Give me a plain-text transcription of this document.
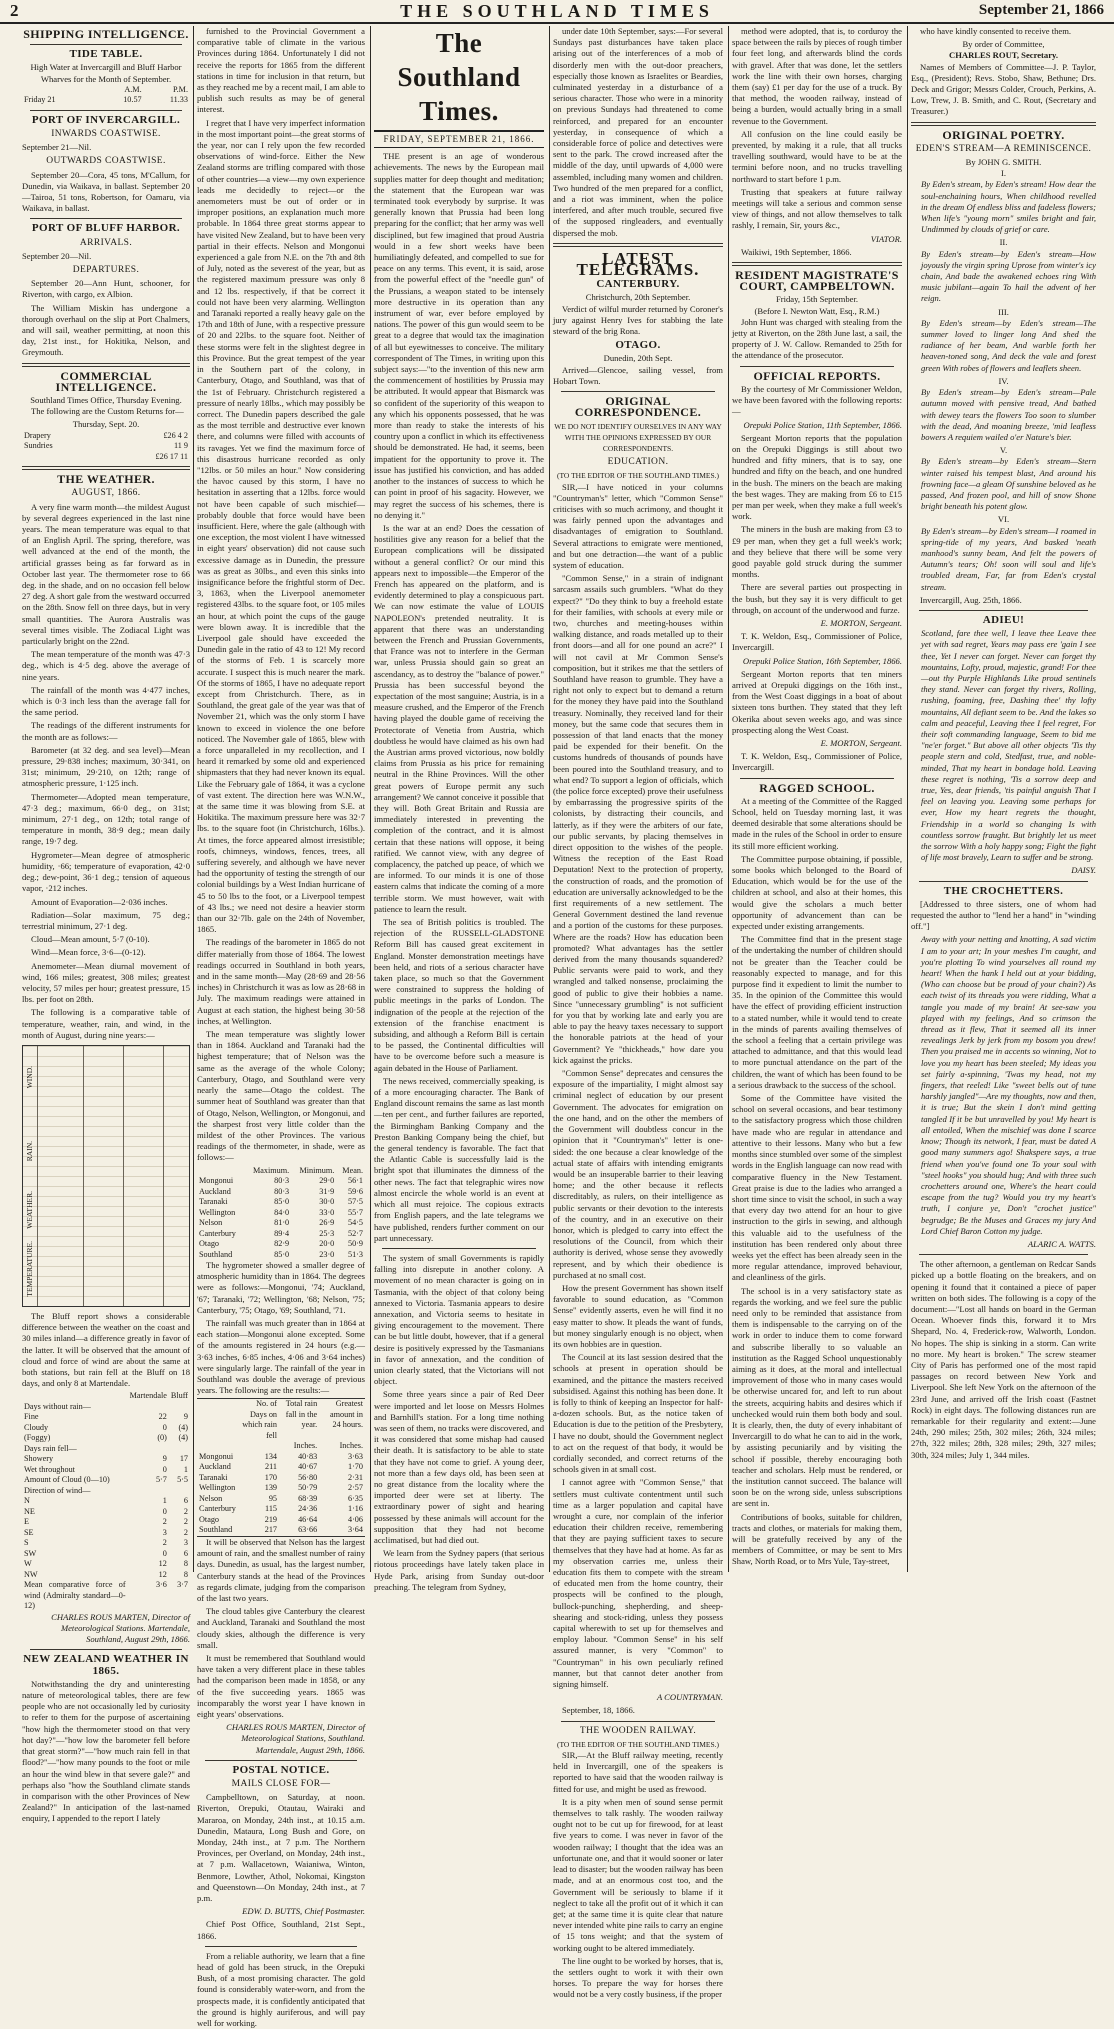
2	THE SOUTHLAND TIMES	September 21, 1866
SHIPPING INTELLIGENCE.
TIDE TABLE.
High Water at Invercargill and Bluff Harbor Wharves for the Month of September.
	A.M.	P.M.
Friday 21	10.57	11.33
PORT OF INVERCARGILL.
INWARDS COASTWISE.
September 21—Nil.
OUTWARDS COASTWISE.

September 20—Cora, 45 tons, M'Callum, for Dunedin, via Waikava, in ballast. September 20—Tairoa, 51 tons, Robertson, for Oamaru, via Waikava, in ballast.

PORT OF BLUFF HARBOR.
ARRIVALS.
September 20—Nil.
DEPARTURES.

September 20—Ann Hunt, schooner, for Riverton, with cargo, ex Albion.

The William Miskin has undergone a thorough overhaul on the slip at Port Chalmers, and will sail, weather permitting, at noon this day, 21st inst., for Hokitika, Nelson, and Greymouth.

COMMERCIAL INTELLIGENCE.
Southland Times Office, Thursday Evening.

The following are the Custom Returns for—

Thursday, Sept. 20.
Drapery	£26 4 2
Sundries	11 9
	£26 17 11
THE WEATHER.
AUGUST, 1866.

A very fine warm month—the mildest August by several degrees experienced in the last nine years. The mean temperature was equal to that of an English April. The spring, therefore, was well advanced at the end of the month, the artificial grasses being as far forward as in October last year. The thermometer rose to 66 deg. in the shade, and on no occasion fell below 27 deg. A short gale from the westward occurred on the 28th. Snow fell on three days, but in very small quantities. The Aurora Australis was several times visible. The Zodiacal Light was particularly bright on the 22nd.

The mean temperature of the month was 47·3 deg., which is 4·5 deg. above the average of nine years.

The rainfall of the month was 4·477 inches, which is 0·3 inch less than the average fall for the same period.

The readings of the different instruments for the month are as follows:—

Barometer (at 32 deg. and sea level)—Mean pressure, 29·838 inches; maximum, 30·341, on 31st; minimum, 29·210, on 12th; range of atmospheric pressure, 1·125 inch.

Thermometer—Adopted mean temperature, 47·3 deg.; maximum, 66·0 deg., on 31st; minimum, 27·1 deg., on 12th; total range of temperature in month, 38·9 deg.; mean daily range, 19·7 deg.

Hygrometer—Mean degree of atmospheric humidity, ·66; temperature of evaporation, 42·0 deg.; dew-point, 36·1 deg.; tension of aqueous vapor, ·212 inches.

Amount of Evaporation—2·036 inches.

Radiation—Solar maximum, 75 deg.; terrestrial minimum, 27·1 deg.

Cloud—Mean amount, 5·7 (0-10).

Wind—Mean force, 3·6—(0-12).

Anemometer—Mean diurnal movement of wind, 166 miles; greatest, 308 miles; greatest velocity, 57 miles per hour; greatest pressure, 15 lbs. per foot on 28th.

The following is a comparative table of temperature, weather, rain, and wind, in the month of August, during nine years:—

WIND.
RAIN.
WEATHER.
TEMPERATURE.

The Bluff report shows a considerable difference between the weather on the coast and 30 miles inland—a difference greatly in favor of the latter. It will be observed that the amount of cloud and force of wind are about the same at both stations, but rain fell at the Bluff on 18 days, and only 8 at Martendale.

	Martendale	Bluff
Days without rain—		
Fine	22	9
Cloudy	0	(4)
(Foggy)	(0)	(4)
Days rain fell—		
Showery	9	17
Wet throughout	0	1
Amount of Cloud (0—10)	5·7	5·5
Direction of wind—		
N	1	6
NE	0	2
E	2	2
SE	3	2
S	2	3
SW	0	6
W	12	8
NW	12	8
Mean comparative force of wind (Admiralty standard—0-12)	3·6	3·7

CHARLES ROUS MARTEN, Director of Meteorological Stations. Martendale, Southland, August 29th, 1866.

NEW ZEALAND WEATHER IN 1865.

Notwithstanding the dry and uninteresting nature of meteorological tables, there are few people who are not occasionally led by curiosity to refer to them for the purpose of ascertaining "how high the thermometer stood on that very hot day?"—"how low the barometer fell before that great storm?"—"how much rain fell in that flood?"—"how many pounds to the foot or mile an hour the wind blew in that severe gale?" and perhaps also "how the Southland climate stands in comparison with the other Provinces of New Zealand?" In anticipation of the last-named enquiry, I appended to the report I lately

furnished to the Provincial Government a comparative table of climate in the various Provinces during 1864. Unfortunately I did not receive the reports for 1865 from the different stations in time for inclusion in that return, but as they reached me by a recent mail, I am able to publish such results as may be of general interest.

I regret that I have very imperfect information in the most important point—the great storms of the year, nor can I rely upon the few recorded observations of wind-force. Either the New Zealand storms are trifling compared with those of other countries—a view—my own experience leads me decidedly to reject—or the anemometers must be out of order or in improper positions, an explanation much more probable. In 1864 three great storms appear to have visited New Zealand, but to have been very partial in their effects. Nelson and Mongonui experienced a gale from N.E. on the 7th and 8th of July, noted as the severest of the year, but as the registered maximum pressure was only 8 and 12 lbs. respectively, if that be correct it could not have been very alarming. Wellington and Taranaki reported a really heavy gale on the 17th and 18th of June, with a respective pressure of 20 and 22lbs. to the square foot. Neither of these storms were felt in the slightest degree in this Province. But the great tempest of the year in the Southern part of the colony, in Canterbury, Otago, and Southland, was that of the 1st of February. Christchurch registered a pressure of nearly 18lbs., which may possibly be correct. The Dunedin papers described the gale as the most terrible and destructive ever known there, and columns were filled with accounts of its ravages. Yet we find the maximum force of this disastrous hurricane recorded as only "12lbs. or 50 miles an hour." Now considering the havoc caused by this storm, I have no hesitation in asserting that a 12lbs. force would not have been capable of such mischief—probably double that force would have been insufficient. Here, where the gale (although with one exception, the most violent I have witnessed in eight years' observation) did not cause such excessive damage as in Dunedin, the pressure was as great as 30lbs., and even this sinks into insignificance before the frightful storm of Dec. 3, 1863, when the Liverpool anemometer registered 43lbs. to the square foot, or 105 miles an hour, at which point the cups of the gauge were blown away. It is incredible that the Liverpool gale should have exceeded the Dunedin gale in the ratio of 43 to 12! My record of the storms of Feb. 1 is scarcely more accurate. I suspect this is much nearer the mark. Of the storms of 1865, I have no adequate report except from Christchurch. There, as in Southland, the great gale of the year was that of November 21, which was the only storm I have known to exceed in violence the one before noticed. The November gale of 1865, blew with a force unparalleled in my recollection, and I heard it remarked by some old and experienced shipmasters that they had never known its equal. Like the February gale of 1864, it was a cyclone of vast extent. The direction here was W.N.W., at the same time it was blowing from S.E. at Hokitika. The maximum pressure here was 32·7 lbs. to the square foot (in Christchurch, 16lbs.). At times, the force appeared almost irresistible; roofs, chimneys, windows, fences, trees, all suffering severely, and although we have never had the opportunity of testing the strength of our colonial buildings by a West Indian hurricane of 45 to 50 lbs to the foot, or a Liverpool tempest of 43 lbs.; we need not desire a heavier storm than our 32·7lb. gale on the 24th of November, 1865.

The readings of the barometer in 1865 do not differ materially from those of 1864. The lowest readings occurred in Southland in both years, and in the same month—May (28·69 and 28·56 inches) in Christchurch it was as low as 28·68 in July. The maximum readings were attained in August at each station, the highest being 30·58 inches, at Wellington.

The mean temperature was slightly lower than in 1864. Auckland and Taranaki had the highest temperature; that of Nelson was the same as the average of the whole Colony; Canterbury, Otago, and Southland were very nearly the same—Otago the coldest. The summer heat of Southland was greater than that of Otago, Nelson, Wellington, or Mongonui, and the sharpest frost very little colder than the mildest of the other Provinces. The various readings of the thermometer, in shade, were as follows:—

	Maximum.	Minimum.	Mean.
Mongonui	80·3	29·0	56·1
Auckland	80·3	31·9	59·6
Taranaki	85·0	30·0	57·5
Wellington	84·0	33·0	55·7
Nelson	81·0	26·9	54·5
Canterbury	89·4	25·3	52·7
Otago	82·9	20·0	50·9
Southland	85·0	23·0	51·3

The hygrometer showed a smaller degree of atmospheric humidity than in 1864. The degrees were as follows:—Mongonui, '74; Auckland, '67; Taranaki, '72; Wellington, '68; Nelson, '75; Canterbury, '75; Otago, '69; Southland, '71.

The rainfall was much greater than in 1864 at each station—Mongonui alone excepted. Some of the amounts registered in 24 hours (e.g.—3·63 inches, 6·85 inches, 4·06 and 3·64 inches) were singularly large. The rainfall of the year in Southland was double the average of previous years. The following are the results:—

	No. of Days on which rain fell	Total rain fall in the year.	Greatest amount in 24 hours.
		Inches.	Inches.
Mongonui	134	40·83	3·63
Auckland	211	40·67	1·70
Taranaki	170	56·80	2·31
Wellington	139	50·79	2·57
Nelson	95	68·39	6·35
Canterbury	115	24·36	1·16
Otago	219	46·64	4·06
Southland	217	63·66	3·64

It will be observed that Nelson has the largest amount of rain, and the smallest number of rainy days. Dunedin, as usual, has the largest number, Canterbury stands at the head of the Provinces as regards climate, judging from the comparison of the last two years.

The cloud tables give Canterbury the clearest and Auckland, Taranaki and Southland the most cloudy skies, although the difference is very small.

It must be remembered that Southland would have taken a very different place in these tables had the comparison been made in 1858, or any of the five succeeding years. 1865 was incomparably the worst year I have known in eight years' observations.

CHARLES ROUS MARTEN, Director of Meteorological Stations, Southland. Martendale, August 29th, 1866.

POSTAL NOTICE.
MAILS CLOSE FOR—

Campbelltown, on Saturday, at noon. Riverton, Orepuki, Otautau, Wairaki and Mararoa, on Monday, 24th inst., at 10.15 a.m. Dunedin, Mataura, Long Bush and Gore, on Monday, 24th inst., at 7 p.m. The Northern Provinces, per Overland, on Monday, 24th inst., at 7 p.m. Wallacetown, Waianiwa, Winton, Benmore, Lowther, Athol, Nokomai, Kingston and Queenstown—On Monday, 24th inst., at 7 p.m.

EDW. D. BUTTS, Chief Postmaster.

Chief Post Office, Southland, 21st Sept., 1866.

From a reliable authority, we learn that a fine head of gold has been struck, in the Orepuki Bush, of a most promising character. The gold found is considerably water-worn, and from the prospects made, it is confidently anticipated that the ground is highly auriferous, and will pay well for working.

The Southland Times.
FRIDAY, SEPTEMBER 21, 1866.

THE present is an age of wonderous achievements. The news by the European mail supplies matter for deep thought and meditation; the statement that the European war was terminated took everybody by surprise. It was generally known that Prussia had been long preparing for the conflict; that her army was well disciplined, but few imagined that proud Austria would in a few short weeks have been humiliatingly defeated, and compelled to sue for peace on any terms. This event, it is said, arose from the powerful effect of the "needle gun" of the Prussians, a weapon stated to be intensely more destructive in its operation than any instrument of war, ever before employed by nations. The power of this gun would seem to be great to a degree that would tax the imagination of all but eyewitnesses to conceive. The military correspondent of The Times, in writing upon this subject says:—"to the invention of this new arm the commencement of hostilities by Prussia may be attributed. It would appear that Bismarck was so confident of the superiority of this weapon to any which his opponents possessed, that he was more than ready to stake the interests of his country upon a conflict in which its effectiveness should be demonstrated. He had, it seems, been impatient for the opportunity to prove it. The issue has justified his conviction, and has added another to the instances of success to which he can point in proof of his sagacity. However, we may regret the success of his schemes, there is no denying it."

Is the war at an end? Does the cessation of hostilities give any reason for a belief that the European complications will be dissipated without a general conflict? Or our mind this appears next to impossible—the Emperor of the French has appeared on the platform, and is evidently determined to play a conspicuous part. We can now estimate the value of LOUIS NAPOLEON's pretended neutrality. It is apparent that there was an understanding between the French and Prussian Governments, that France was not to interfere in the German war, unless Prussia should gain so great an ascendancy, as to destroy the "balance of power." Prussia has been successful beyond the expectation of the most sanguine; Austria, is in a measure crushed, and the Emperor of the French having played the double game of receiving the Protectorate of Venetia from Austria, which doubtless he would have claimed as his own had the Austrian arms proved victorious, now boldly claims from Prussia as his price for remaining neutral in the Rhine Provinces. Will the other great powers of Europe permit any such arrangement? We cannot conceive it possible that they will. Both Great Britain and Russia are immediately interested in preventing the completion of the contract, and it is almost certain that these nations will oppose, it being ratified. We cannot view, with any degree of complacency, the patched up peace, of which we are informed. To our minds it is one of those eastern calms that indicate the coming of a more terrible storm. We must however, wait with patience to learn the result.

The sea of British politics is troubled. The rejection of the RUSSELL-GLADSTONE Reform Bill has caused great excitement in England. Monster demonstration meetings have been held, and riots of a serious character have taken place, so much so that the Government were constrained to suppress the holding of public meetings in the parks of London. The indignation of the people at the rejection of the extension of the franchise enactment is subsiding, and although a Reform Bill is certain to be passed, the Continental difficulties will have to be overcome before such a measure is again debated in the House of Parliament.

The news received, commercially speaking, is of a more encouraging character. The Bank of England discount remains the same as last month—ten per cent., and further failures are reported, the Birmingham Banking Company and the Preston Banking Company being the chief, but the general tendency is favorable. The fact that the Atlantic Cable is successfully laid is the bright spot that illuminates the dimness of the other news. The fact that telegraphic wires now almost encircle the whole world is an event at which all must rejoice. The copious extracts from English papers, and the late telegrams we have published, renders further comment on our part unnecessary.

The system of small Governments is rapidly falling into disrepute in another colony. A movement of no mean character is going on in Tasmania, with the object of that colony being annexed to Victoria. Tasmania appears to desire annexation, and Victoria seems to hesitate in giving encouragement to the movement. There can be but little doubt, however, that if a general desire is positively expressed by the Tasmanians in favor of annexation, and the condition of union clearly stated, that the Victorians will not object.

Some three years since a pair of Red Deer were imported and let loose on Messrs Holmes and Barnhill's station. For a long time nothing was seen of them, no tracks were discovered, and it was considered that some mishap had caused their death. It is satisfactory to be able to state that they have not come to grief. A young deer, not more than a few days old, has been seen at no great distance from the locality where the imported deer were set at liberty. The extraordinary power of sight and hearing possessed by these animals will account for the supposition that they had not become acclimatised, but had died out.

We learn from the Sydney papers (that serious riotous proceedings have lately taken place in Hyde Park, arising from Sunday out-door preaching. The telegram from Sydney,

under date 10th September, says:—For several Sundays past disturbances have taken place arising out of the interferences of a mob of disorderly men with the out-door preachers, especially those known as Israelites or Beardies, culminated yesterday in a disturbance of a serious character. Those who were in a minority on previous Sundays had threatened to come reinforced, and prepared for an encounter yesterday, in consequence of which a considerable force of police and detectives were sent to the park. The crowd increased after the middle of the day, until upwards of 4,000 were assembled, including many women and children. Two hundred of the men prepared for a conflict, and a riot was imminent, when the police interfered, and after much trouble, secured five of the supposed ringleaders, and eventually dispersed the mob.

LATEST TELEGRAMS.
CANTERBURY.
Christchurch, 20th September.

Verdict of wilful murder returned by Coroner's jury against Henry Ives for stabbing the late steward of the brig Rona.

OTAGO.
Dunedin, 20th Sept.

Arrived—Glencoe, sailing vessel, from Hobart Town.

ORIGINAL CORRESPONDENCE.
WE DO NOT IDENTIFY OURSELVES IN ANY WAY WITH THE OPINIONS EXPRESSED BY OUR CORRESPONDENTS.
EDUCATION.
(TO THE EDITOR OF THE SOUTHLAND TIMES.)

SIR,—I have noticed in your columns "Countryman's" letter, which "Common Sense" criticises with so much acrimony, and thought it was fairly penned upon the advantages and disadvantages of emigration to Southland. Several attractions to emigrate were mentioned, and but one detraction—the want of a public system of education.

"Common Sense," in a strain of indignant sarcasm assails such grumblers. "What do they expect?" "Do they think to buy a freehold estate for their families, with schools at every mile or two, churches and meeting-houses within walking distance, and roads metalled up to their front doors—and all for one pound an acre?" I will not cavil at Mr Common Sense's composition, but it strikes me that the settlers of Southland have reason to grumble. They have a right not only to expect but to demand a return for the money they have paid into the Southland treasury. Nominally, they received land for their money, but the same code that secures them in possession of that land enacts that the money paid be expended for their benefit. On the customs hundreds of thousands of pounds have been poured into the Southland treasury, and to what end? To support a legion of officials, which (the police force excepted) prove their usefulness by embarrassing the progressive spirits of the colonists, by distracting their councils, and latterly, as if they were the arbiters of our fate, our public servants, by placing themselves in direct opposition to the wishes of the people. Witness the reception of the East Road Deputation! Next to the protection of property, the construction of roads, and the promotion of education are universally acknowledged to be the first requirements of a new settlement. The General Government destined the land revenue and a portion of the customs for these purposes. Where are the roads? How has education been promoted? What advantages has the settler derived from the many thousands squandered? Public servants were paid to work, and they wrangled and talked nonsense, proclaiming the good of public to give their hobbies a name. Since "unnecessary grumbling" is not sufficient for you that by working late and early you are able to pay the heavy taxes necessary to support the honorable patriots at the head of your Government? Ye "thickheads," how dare you kick against the pricks.

"Common Sense" deprecates and censures the exposure of the impartiality, I might almost say criminal neglect of education by our present Government. The advocates for emigration on the one hand, and on the other the members of the Government will doubtless concur in the opinion that it "Countryman's" letter is one-sided: the one because a clear knowledge of the actual state of affairs with intending emigrants would be an insuperable barrier to their leaving home; and the other because it reflects discreditably, as rulers, on their intelligence as public servants or their devotion to the interests of the country, and in an executive on their honor, which is pledged to carry into effect the resolutions of the Council, from which their authority is derived, whose sense they avowedly represent, and by which their obedience is purchased at no small cost.

How the present Government has shown itself favorable to sound education, as "Common Sense" evidently asserts, even he will find it no easy matter to show. It pleads the want of funds, but money singularly enough is no object, when its own hobbies are in question.

The Council at its last session desired that the schools at present in operation should be examined, and the pittance the masters received subsidised. Against this nothing has been done. It is folly to think of keeping an Inspector for half-a-dozen schools. But, as the notice taken of Education is due to the petition of the Presbytery, I have no doubt, should the Government neglect to act on the request of that body, it would be cordially seconded, and correct returns of the schools given in at small cost.

I cannot agree with "Common Sense," that settlers must cultivate contentment until such time as a larger population and capital have wrought a cure, nor complain of the inferior education their children receive, remembering that they are paying sufficient taxes to secure themselves that they have had at home. As far as my observation carries me, unless their education fits them to compete with the stream of educated men from the home country, their prospects will be confined to the plough, bullock-punching, shepherding, and sheep-shearing and stock-riding, unless they possess capital wherewith to set up for themselves and employ labour. "Common Sense" in his self assured manner, is very "Common" to "Countryman" in his own peculiarly refined manner, but that cannot deter another from signing himself.

A COUNTRYMAN.

September, 18, 1866.

THE WOODEN RAILWAY.
(TO THE EDITOR OF THE SOUTHLAND TIMES.)

SIR,—At the Bluff railway meeting, recently held in Invercargill, one of the speakers is reported to have said that the wooden railway is fitted for use, and might be used as frewood.

It is a pity when men of sound sense permit themselves to talk rashly. The wooden railway ought not to be cut up for firewood, for at least five years to come. I was never in favor of the wooden railway; I thought that the idea was an unfortunate one, and that it would sooner or later lead to disaster; but the wooden railway has been made, and at an enormous cost too, and the Government will be seriously to blame if it neglect to take all the profit out of it which it can get; at the same time it is quite clear that nature never intended white pine rails to carry an engine of 15 tons weight; and that the system of working ought to be altered immediately.

The line ought to be worked by horses, that is, the settlers ought to work it with their own horses. To prepare the way for horses there would not be a very costly business, if the proper

method were adopted, that is, to corduroy the space between the rails by pieces of rough timber four feet long, and afterwards blind the cords with gravel. After that was done, let the settlers work the line with their own horses, charging them (say) £1 per day for the use of a truck. By that method, the wooden railway, instead of being a burden, would actually bring in a small revenue to the Government.

All confusion on the line could easily be prevented, by making it a rule, that all trucks travelling southward, would have to be at the termini before noon, and no trucks travelling northward to start before 1 p.m.

Trusting that speakers at future railway meetings will take a serious and common sense view of things, and not allow themselves to talk rashly, I remain, Sir, yours &c.,

VIATOR.

Waikiwi, 19th September, 1866.

RESIDENT MAGISTRATE'S COURT, CAMPBELTOWN.
Friday, 15th September.
(Before I. Newton Watt, Esq., R.M.)

John Hunt was charged with stealing from the jetty at Riverton, on the 28th June last, a sail, the property of J. W. Callow. Remanded to 25th for the attendance of the prosecutor.

OFFICIAL REPORTS.

By the courtesy of Mr Commissioner Weldon, we have been favored with the following reports:—

Orepuki Police Station, 11th September, 1866.

Sergeant Morton reports that the population on the Orepuki Diggings is still about two hundred and fifty miners, that is to say, one hundred and fifty on the beach, and one hundred in the bush. The miners on the beach are making the best wages. They are making from £6 to £15 per man per week, when they make a full week's work.

The miners in the bush are making from £3 to £9 per man, when they get a full week's work; and they believe that there will be some very good payable gold struck during the summer months.

There are several parties out prospecting in the bush, but they say it is very difficult to get through, on account of the underwood and furze.

E. MORTON, Sergeant.

T. K. Weldon, Esq., Commissioner of Police, Invercargill.

Orepuki Police Station, 16th September, 1866.

Sergeant Morton reports that ten miners arrived at Orepuki diggings on the 16th inst., from the West Coast diggings in a boat of about sixteen tons burthen. They stated that they left Okerika about seven weeks ago, and was since prospecting along the West Coast.

E. MORTON, Sergeant.

T. K. Weldon, Esq., Commissioner of Police, Invercargill.

RAGGED SCHOOL.

At a meeting of the Committee of the Ragged School, held on Tuesday morning last, it was deemed desirable that some alterations should be made in the rules of the School in order to ensure its still more efficient working.

The Committee purpose obtaining, if possible, some books which belonged to the Board of Education, which would be for the use of the children at school, and also at their homes, this would give the scholars a much better opportunity of advancement than can be expected under existing arrangements.

The Committee find that in the present stage of the undertaking the number of children should not be greater than the Teacher could be reasonably expected to manage, and for this purpose find it expedient to limit the number to 35. In the opinion of the Committee this would have the effect of providing efficient instruction to a stated number, while it would tend to create in the minds of parents availing themselves of the school a feeling that a certain privilege was attached to admittance, and that this would lead to more punctual attendance on the part of the children, the want of which has been found to be a serious drawback to the success of the school.

Some of the Committee have visited the school on several occasions, and bear testimony to the satisfactory progress which those children have made who are regular in attendance and attentive to their lessons. Many who but a few months since stumbled over some of the simplest words in the English language can now read with comparative fluency in the New Testament. Great praise is due to the ladies who arranged a short time since to visit the school, in such a way that every day two attend for an hour to give instruction to the girls in sewing, and although this valuable aid to the usefulness of the institution has been rendered only about three weeks yet the effect has been already seen in the more regular attendance, improved behaviour, and cleanliness of the girls.

The school is in a very satisfactory state as regards the working, and we feel sure the public need only to be reminded that assistance from them is indispensable to the carrying on of the work in order to induce them to come forward and subscribe liberally to so valuable an institution as the Ragged School unquestionably aiming as it does, at the moral and intellectual improvement of those who in many cases would be otherwise uncared for, and left to run about the streets, acquiring habits and desires which if unchecked would ruin them both body and soul. It is clearly, then, the duty of every inhabitant of Invercargill to do what he can to aid in the work, by assisting pecuniarily and by visiting the school if possible, thereby encouraging both teacher and scholars. Help must be rendered, or the institution cannot succeed. The balance will soon be on the wrong side, unless subscriptions are sent in.

Contributions of books, suitable for children, tracts and clothes, or materials for making them, will be gratefully received by any of the members of Committee, or may be sent to Mrs Shaw, North Road, or to Mrs Yule, Tay-street,

who have kindly consented to receive them.

By order of Committee,
CHARLES ROUT, Secretary.

Names of Members of Committee—J. P. Taylor, Esq., (President); Revs. Stobo, Shaw, Bethune; Drs. Deck and Grigor; Messrs Colder, Crouch, Perkins, A. Low, Trew, J. B. Smith, and C. Rout, (Secretary and Treasurer.)

ORIGINAL POETRY.
EDEN'S STREAM—A REMINISCENCE.
By JOHN G. SMITH.
I.

By Eden's stream, by Eden's stream! How dear the soul-enchaining hours, When childhood revelled in the dream Of endless bliss and fadeless flowers; When life's "young morn" smiles bright and fair, Undimmed by clouds of grief or care.

II.

By Eden's stream—by Eden's stream—How joyously the virgin spring Uprose from winter's icy chain, And bade the awakened echoes ring With music jubilant—again To hail the advent of her reign.

III.

By Eden's stream—by Eden's stream—The summer loved to linger long And shed the radiance of her beam, And warble forth her heaven-toned song, And deck the vale and forest green With robes of flowers and leaflets sheen.

IV.

By Eden's stream—by Eden's stream—Pale autumn moved with pensive tread, And bathed with dewey tears the flowers Too soon to slumber with the dead, And moaning breeze, 'mid leafless bowers A requiem wailed o'er Nature's bier.

V.

By Eden's stream—by Eden's stream—Stern winter raised his tempest blast, And around his frowning face—a gleam Of sunshine beloved as he passed, And frozen pool, and hill of snow Shone bright beneath his potent glow.

VI.

By Eden's stream—by Eden's stream—I roamed in spring-tide of my years, And basked 'neath manhood's sunny beam, And felt the powers of Autumn's tears; Oh! soon will soul and life's troubled dream, Far, far from Eden's crystal stream.

Invercargill, Aug. 25th, 1866.

ADIEU!

Scotland, fare thee well, I leave thee Leave thee yet with sad regret, Years may pass ere 'gain I see thee, Yet I never can forget. Never can forget thy mountains, Lofty, proud, majestic, grand! For thee—out thy Purple Highlands Like proud sentinels they stand. Never can forget thy rivers, Rolling, rushing, foaming, free, Dashing thee' thy lofty mountains, All defiant seem to be. And the lakes so calm and peaceful, Leaving thee I feel regret, For their soft commanding language, Seem to bid me "ne'er forget." But above all other objects 'Tis thy people stern and cold, Stedfast, true, and noble-minded, That my heart in bondage hold. Leaving these regret is nothing, 'Tis a sorrow deep and true, Yes, dear friends, 'tis painful anguish That I feel on leaving you. Leaving some perhaps for ever, How my heart regrets the thought, Friendship in a world so changing Is with countless sorrow fraught. But brightly let us meet the sorrow With a holy happy song; Fight the fight of life most bravely, Learn to suffer and be strong.

DAISY.

THE CROCHETTERS.

[Addressed to three sisters, one of whom had requested the author to "lend her a hand" in "winding off."]

Away with your netting and knotting, A sad victim I am to your art; In your meshes I'm caught, and you're plotting To wind yourselves all round my heart! When the hank I held out at your bidding, (Who can choose but be proud of your chain?) As each twist of its threads you were ridding, What a tangle you made of my brain! At see-saw you played with my feelings, And so crimson the thread as it flew, That it seemed all its inner revealings Jerk by jerk from my bosom you drew! Then you praised me in accents so winning, Not to love you my heart has been steeled; My ideas you set fairly a-spinning, 'Twas my head, not my fingers, that reeled! Like "sweet bells out of tune harshly jangled"—Are my thoughts, now and then, it is true; But the skein I don't mind getting tangled If it be but unravelled by you! My heart is all entoiled, When the mischief was done I scarce know; Though its network, I fear, must be dated A good many summers ago! Shakspere says, a true friend when you've found one To your soul with "steel hooks" you should hug; And with three such crochetters around one, Where's the heart could escape from the tug? Would you try my heart's truth, I conjure ye, Don't "crochet justice" begrudge; Be the Muses and Graces my jury And Lord Chief Baron Cotton my judge.

ALARIC A. WATTS.

The other afternoon, a gentleman on Redcar Sands picked up a bottle floating on the breakers, and on opening it found that it contained a piece of paper written on both sides. The following is a copy of the document:—"Lost all hands on board in the German Ocean. Whoever finds this, forward it to Mrs Shepard, No. 4, Frederick-row, Walworth, London. No hopes. The ship is sinking in a storm. Can write no more. My heart is broken." The screw steamer City of Paris has performed one of the most rapid passages on record between New York and Liverpool. She left New York on the afternoon of the 23rd June, and arrived off the Irish coast (Fastnet Rock) in eight days. The following distances run are remarkable for their regularity and extent:—June 24th, 290 miles; 25th, 302 miles; 26th, 324 miles; 27th, 322 miles; 28th, 328 miles; 29th, 327 miles; 30th, 324 miles; July 1, 344 miles.
